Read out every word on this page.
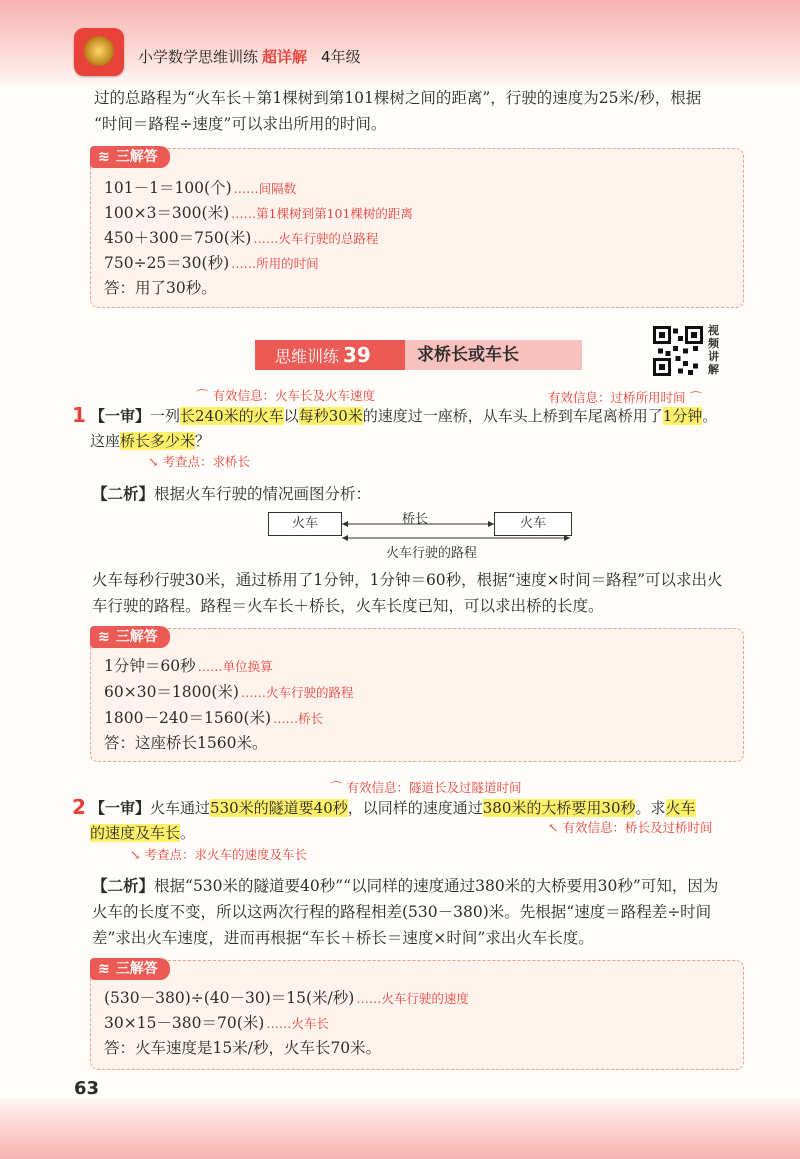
小学数学思维训练 超详解 4年级
过的总路程为“火车长＋第1棵树到第101棵树之间的距离”，行驶的速度为25米/秒，根据
“时间＝路程÷速度”可以求出所用的时间。
≋ 三解答
101－1＝100(个) ……间隔数
100×3＝300(米) ……第1棵树到第101棵树的距离
450＋300＝750(米) ……火车行驶的总路程
750÷25＝30(秒) ……所用的时间
答：用了30秒。
思维训练 39	求桥长或车长
视
频
讲
解
⌒ 有效信息：火车长及火车速度	有效信息：过桥所用时间 ⌒
1 【一审】一列长240米的火车以每秒30米的速度过一座桥，从车头上桥到车尾离桥用了1分钟。
这座桥长多少米？
↘ 考查点：求桥长
【二析】根据火车行驶的情况画图分析：
火车	火车
桥长
火车行驶的路程
火车每秒行驶30米，通过桥用了1分钟，1分钟＝60秒，根据“速度×时间＝路程”可以求出火
车行驶的路程。路程＝火车长＋桥长，火车长度已知，可以求出桥的长度。
≋ 三解答
1分钟＝60秒 ……单位换算
60×30＝1800(米) ……火车行驶的路程
1800－240＝1560(米) ……桥长
答：这座桥长1560米。
⌒ 有效信息：隧道长及过隧道时间
2 【一审】火车通过530米的隧道要40秒，以同样的速度通过380米的大桥要用30秒。求火车
的速度及车长。	↖ 有效信息：桥长及过桥时间
↘ 考查点：求火车的速度及车长
【二析】根据“530米的隧道要40秒”“以同样的速度通过380米的大桥要用30秒”可知，因为
火车的长度不变，所以这两次行程的路程相差(530－380)米。先根据“速度＝路程差÷时间
差”求出火车速度，进而再根据“车长＋桥长＝速度×时间”求出火车长度。
≋ 三解答
(530－380)÷(40－30)＝15(米/秒) ……火车行驶的速度
30×15－380＝70(米) ……火车长
答：火车速度是15米/秒，火车长70米。
63
